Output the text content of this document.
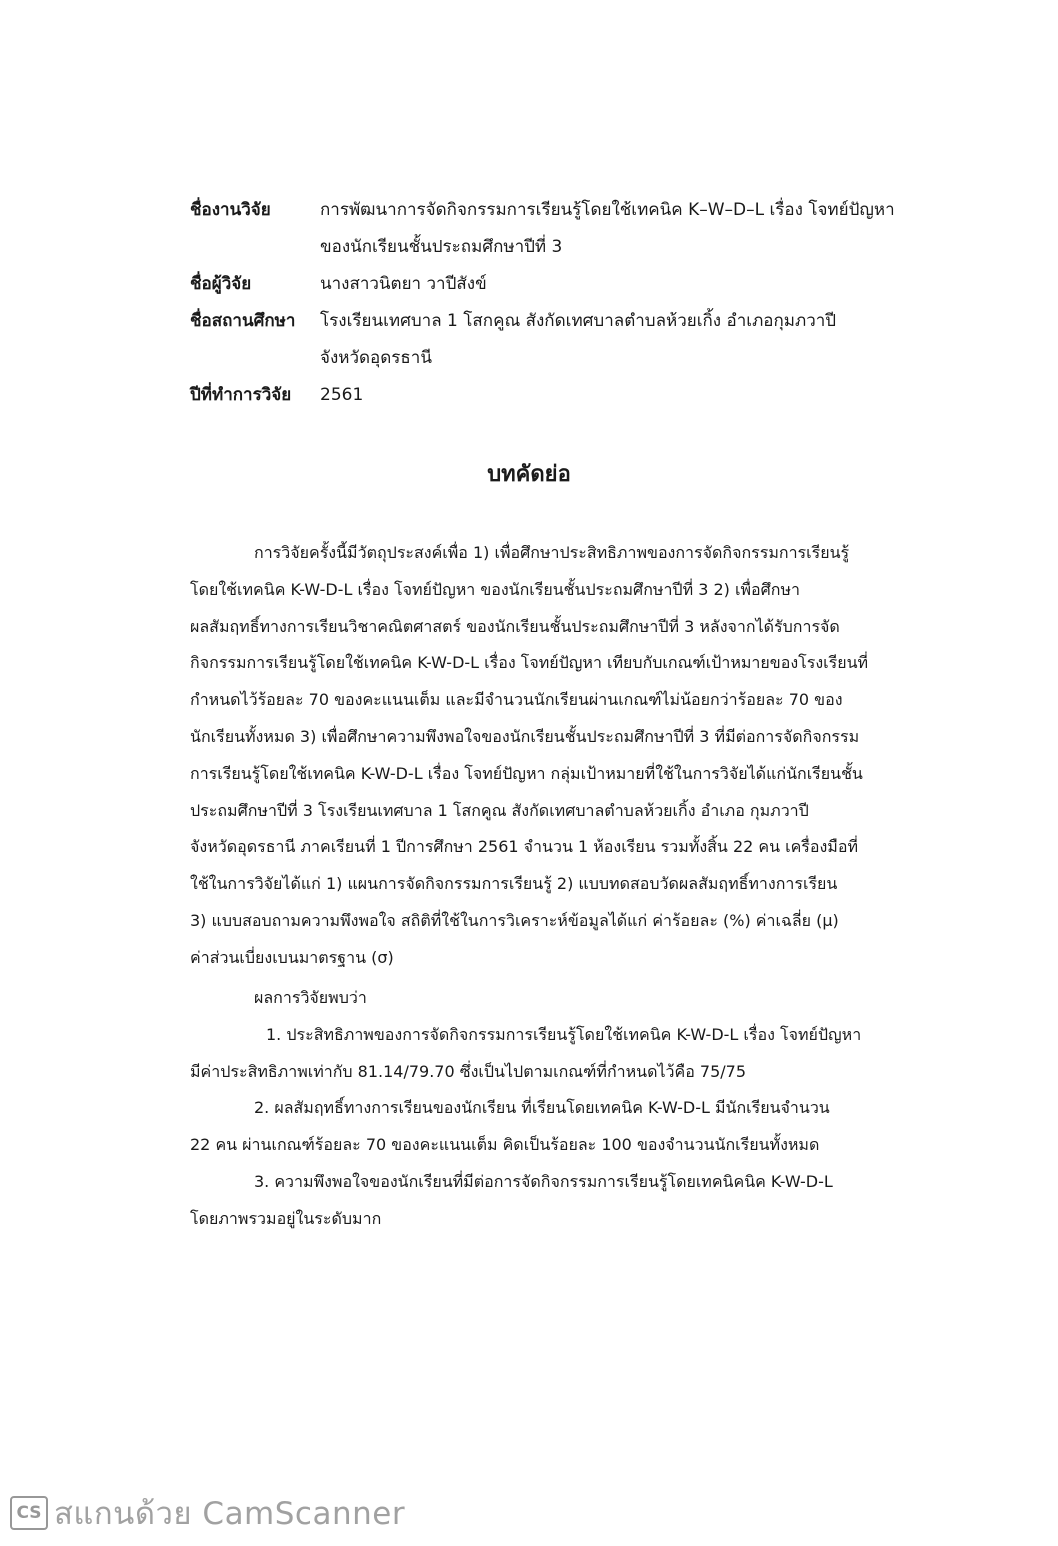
ชื่องานวิจัย	การพัฒนาการจัดกิจกรรมการเรียนรู้โดยใช้เทคนิค K–W–D–L เรื่อง โจทย์ปัญหา
ของนักเรียนชั้นประถมศึกษาปีที่ 3
ชื่อผู้วิจัย	นางสาวนิตยา วาปีสังข์
ชื่อสถานศึกษา	โรงเรียนเทศบาล 1 โสกคูณ สังกัดเทศบาลตำบลห้วยเกิ้ง อำเภอกุมภวาปี
จังหวัดอุดรธานี
ปีที่ทำการวิจัย	2561
บทคัดย่อ
การวิจัยครั้งนี้มีวัตถุประสงค์เพื่อ 1) เพื่อศึกษาประสิทธิภาพของการจัดกิจกรรมการเรียนรู้
โดยใช้เทคนิค K-W-D-L เรื่อง โจทย์ปัญหา ของนักเรียนชั้นประถมศึกษาปีที่ 3 2) เพื่อศึกษา
ผลสัมฤทธิ์ทางการเรียนวิชาคณิตศาสตร์ ของนักเรียนชั้นประถมศึกษาปีที่ 3 หลังจากได้รับการจัด
กิจกรรมการเรียนรู้โดยใช้เทคนิค K-W-D-L เรื่อง โจทย์ปัญหา เทียบกับเกณฑ์เป้าหมายของโรงเรียนที่
กำหนดไว้ร้อยละ 70 ของคะแนนเต็ม และมีจำนวนนักเรียนผ่านเกณฑ์ไม่น้อยกว่าร้อยละ 70 ของ
นักเรียนทั้งหมด 3) เพื่อศึกษาความพึงพอใจของนักเรียนชั้นประถมศึกษาปีที่ 3 ที่มีต่อการจัดกิจกรรม
การเรียนรู้โดยใช้เทคนิค K-W-D-L เรื่อง โจทย์ปัญหา กลุ่มเป้าหมายที่ใช้ในการวิจัยได้แก่นักเรียนชั้น
ประถมศึกษาปีที่ 3 โรงเรียนเทศบาล 1 โสกคูณ สังกัดเทศบาลตำบลห้วยเกิ้ง อำเภอ กุมภวาปี
จังหวัดอุดรธานี ภาคเรียนที่ 1 ปีการศึกษา 2561 จำนวน 1 ห้องเรียน รวมทั้งสิ้น 22 คน เครื่องมือที่
ใช้ในการวิจัยได้แก่ 1) แผนการจัดกิจกรรมการเรียนรู้ 2) แบบทดสอบวัดผลสัมฤทธิ์ทางการเรียน
3) แบบสอบถามความพึงพอใจ สถิติที่ใช้ในการวิเคราะห์ข้อมูลได้แก่ ค่าร้อยละ (%) ค่าเฉลี่ย (μ)
ค่าส่วนเบี่ยงเบนมาตรฐาน (σ)
ผลการวิจัยพบว่า
1. ประสิทธิภาพของการจัดกิจกรรมการเรียนรู้โดยใช้เทคนิค K-W-D-L เรื่อง โจทย์ปัญหา
มีค่าประสิทธิภาพเท่ากับ 81.14/79.70 ซึ่งเป็นไปตามเกณฑ์ที่กำหนดไว้คือ 75/75
2. ผลสัมฤทธิ์ทางการเรียนของนักเรียน ที่เรียนโดยเทคนิค K-W-D-L มีนักเรียนจำนวน
22 คน ผ่านเกณฑ์ร้อยละ 70 ของคะแนนเต็ม คิดเป็นร้อยละ 100 ของจำนวนนักเรียนทั้งหมด
3. ความพึงพอใจของนักเรียนที่มีต่อการจัดกิจกรรมการเรียนรู้โดยเทคนิคนิค K-W-D-L
โดยภาพรวมอยู่ในระดับมาก
CS สแกนด้วย CamScanner
